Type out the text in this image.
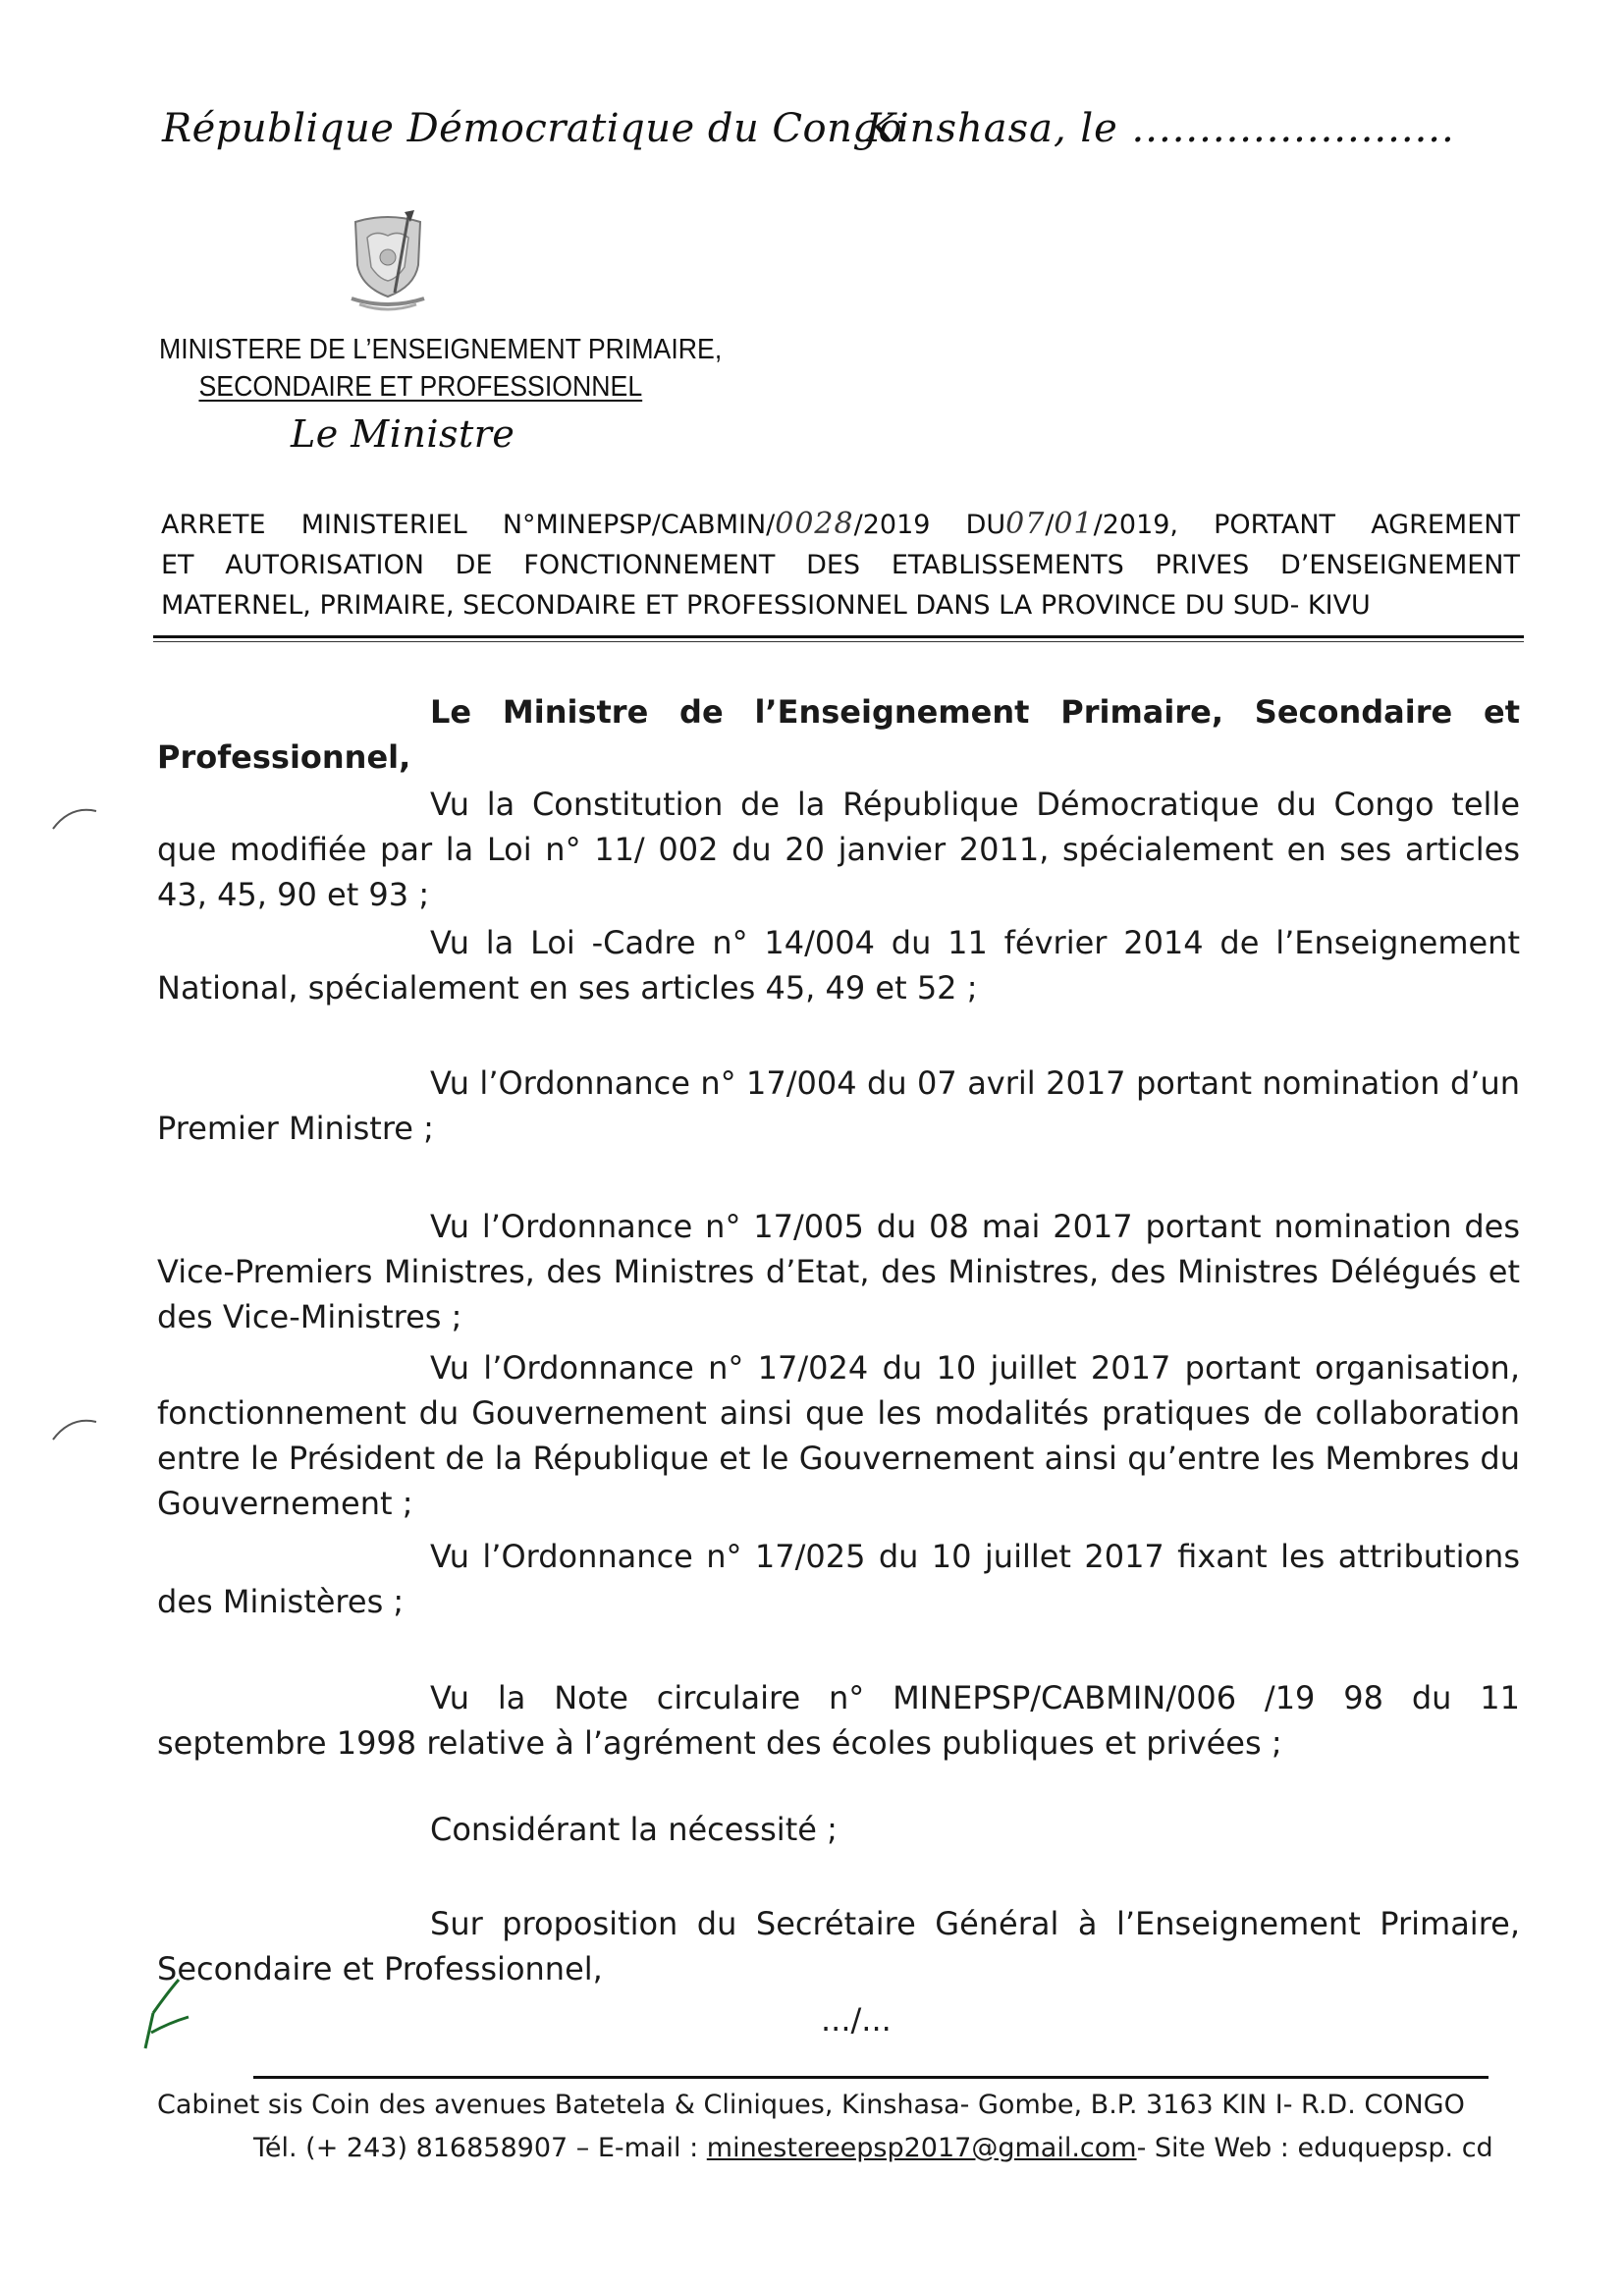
République Démocratique du Congo
Kinshasa, le ........................
MINISTERE DE L’ENSEIGNEMENT PRIMAIRE,
SECONDAIRE ET PROFESSIONNEL
Le Ministre
ARRETE MINISTERIEL N°MINEPSP/CABMIN/0028/2019 DU07/01/2019, PORTANT AGREMENT
ET AUTORISATION DE FONCTIONNEMENT DES ETABLISSEMENTS PRIVES D’ENSEIGNEMENT
MATERNEL, PRIMAIRE, SECONDAIRE ET PROFESSIONNEL DANS LA PROVINCE DU SUD- KIVU
Le Ministre de l’Enseignement Primaire, Secondaire et
Professionnel,
Vu la Constitution de la République Démocratique du Congo telle que modifiée par la Loi n° 11/ 002 du 20 janvier 2011, spécialement en ses articles 43, 45, 90 et 93 ;
Vu la Loi -Cadre n° 14/004 du 11 février 2014 de l’Enseignement National, spécialement en ses articles 45, 49 et 52 ;
Vu l’Ordonnance n° 17/004 du 07 avril 2017 portant nomination d’un Premier Ministre ;
Vu l’Ordonnance n° 17/005 du 08 mai 2017 portant nomination des Vice-Premiers Ministres, des Ministres d’Etat, des Ministres, des Ministres Délégués et des Vice-Ministres ;
Vu l’Ordonnance n° 17/024 du 10 juillet 2017 portant organisation, fonctionnement du Gouvernement ainsi que les modalités pratiques de collaboration entre le Président de la République et le Gouvernement ainsi qu’entre les Membres du Gouvernement ;
Vu l’Ordonnance n° 17/025 du 10 juillet 2017 fixant les attributions des Ministères ;
Vu la Note circulaire n° MINEPSP/CABMIN/006 /19 98 du 11 septembre 1998 relative à l’agrément des écoles publiques et privées ;
Considérant la nécessité ;
Sur proposition du Secrétaire Général à l’Enseignement Primaire, Secondaire et Professionnel,
.../...
Cabinet sis Coin des avenues Batetela & Cliniques, Kinshasa- Gombe, B.P. 3163 KIN I- R.D. CONGO
Tél. (+ 243) 816858907 – E-mail : minestereepsp2017@gmail.com- Site Web : eduquepsp. cd
